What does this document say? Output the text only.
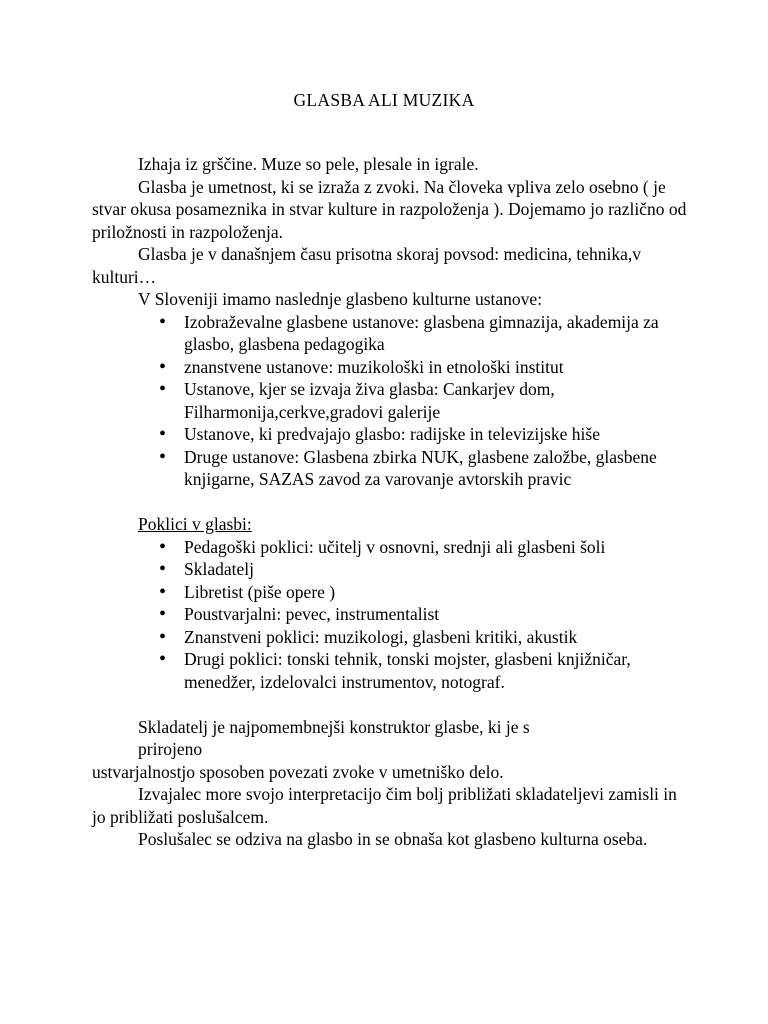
GLASBA ALI MUZIKA

Izhaja iz grščine. Muze so pele, plesale in igrale.

Glasba je umetnost, ki se izraža z zvoki. Na človeka vpliva zelo osebno ( je stvar okusa posameznika in stvar kulture in razpoloženja ). Dojemamo jo različno od priložnosti in razpoloženja.

Glasba je v današnjem času prisotna skoraj povsod: medicina, tehnika,v kulturi…

V Sloveniji imamo naslednje glasbeno kulturne ustanove:

• Izobraževalne glasbene ustanove: glasbena gimnazija, akademija za glasbo, glasbena pedagogika
• znanstvene ustanove: muzikološki in etnološki institut
• Ustanove, kjer se izvaja živa glasba: Cankarjev dom, Filharmonija,cerkve,gradovi galerije
• Ustanove, ki predvajajo glasbo: radijske in televizijske hiše
• Druge ustanove: Glasbena zbirka NUK, glasbene založbe, glasbene knjigarne, SAZAS zavod za varovanje avtorskih pravic

Poklici v glasbi:

• Pedagoški poklici: učitelj v osnovni, srednji ali glasbeni šoli
• Skladatelj
• Libretist (piše opere )
• Poustvarjalni: pevec, instrumentalist
• Znanstveni poklici: muzikologi, glasbeni kritiki, akustik
• Drugi poklici: tonski tehnik, tonski mojster, glasbeni knjižničar, menedžer, izdelovalci instrumentov, notograf.

Skladatelj je najpomembnejši konstruktor glasbe, ki je s

prirojeno

ustvarjalnostjo sposoben povezati zvoke v umetniško delo.

Izvajalec more svojo interpretacijo čim bolj približati skladateljevi zamisli in jo približati poslušalcem.

Poslušalec se odziva na glasbo in se obnaša kot glasbeno kulturna oseba.
